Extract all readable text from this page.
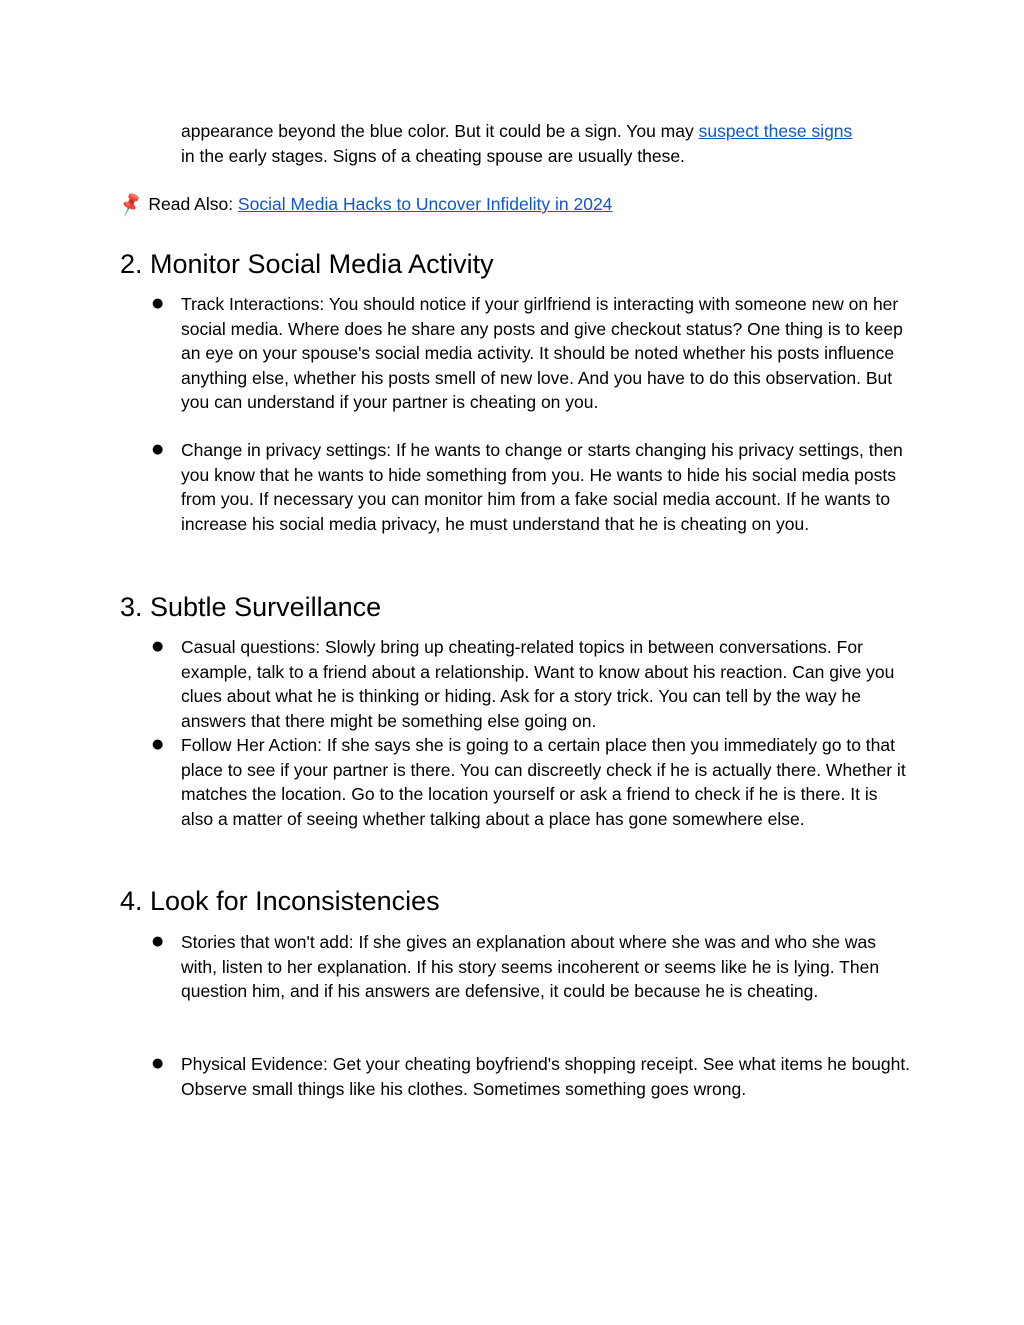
appearance beyond the blue color. But it could be a sign. You may suspect these signs
in the early stages. Signs of a cheating spouse are usually these.
📌 Read Also: Social Media Hacks to Uncover Infidelity in 2024
2. Monitor Social Media Activity
● Track Interactions: You should notice if your girlfriend is interacting with someone new on her social media. Where does he share any posts and give checkout status? One thing is to keep an eye on your spouse's social media activity. It should be noted whether his posts influence anything else, whether his posts smell of new love. And you have to do this observation. But you can understand if your partner is cheating on you.
● Change in privacy settings: If he wants to change or starts changing his privacy settings, then you know that he wants to hide something from you. He wants to hide his social media posts from you. If necessary you can monitor him from a fake social media account. If he wants to increase his social media privacy, he must understand that he is cheating on you.
3. Subtle Surveillance
● Casual questions: Slowly bring up cheating-related topics in between conversations. For example, talk to a friend about a relationship. Want to know about his reaction. Can give you clues about what he is thinking or hiding. Ask for a story trick. You can tell by the way he answers that there might be something else going on.
● Follow Her Action: If she says she is going to a certain place then you immediately go to that place to see if your partner is there. You can discreetly check if he is actually there. Whether it matches the location. Go to the location yourself or ask a friend to check if he is there. It is also a matter of seeing whether talking about a place has gone somewhere else.
4. Look for Inconsistencies
● Stories that won't add: If she gives an explanation about where she was and who she was with, listen to her explanation. If his story seems incoherent or seems like he is lying. Then question him, and if his answers are defensive, it could be because he is cheating.
● Physical Evidence: Get your cheating boyfriend's shopping receipt. See what items he bought. Observe small things like his clothes. Sometimes something goes wrong.
